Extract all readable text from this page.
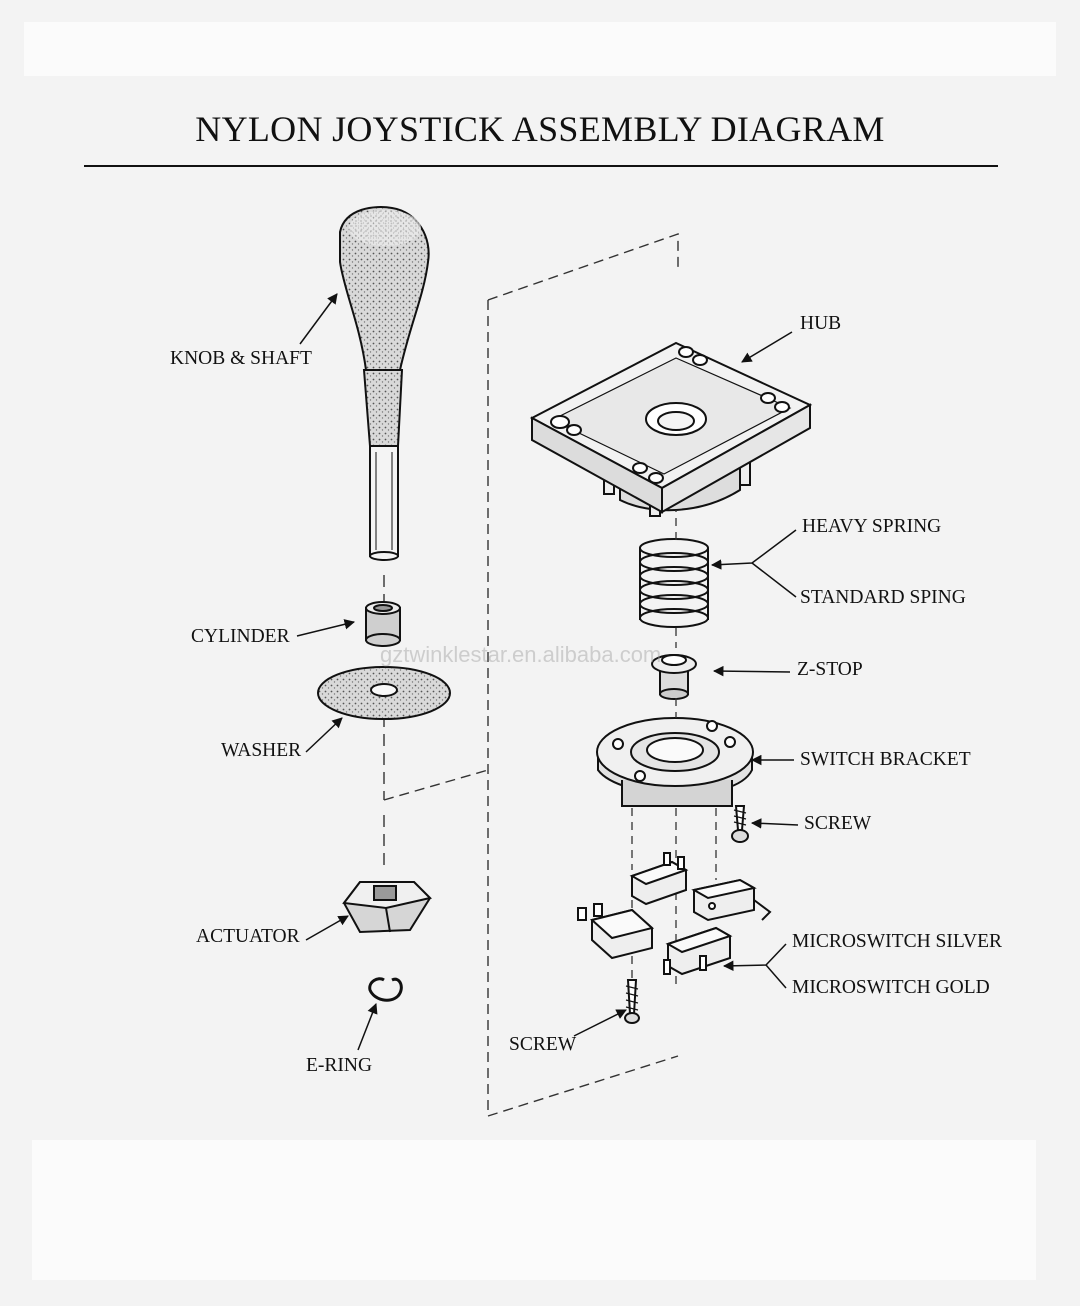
NYLON JOYSTICK ASSEMBLY DIAGRAM
gztwinklestar.en.alibaba.com
KNOB & SHAFT
CYLINDER
WASHER
ACTUATOR
E-RING
HUB
HEAVY SPRING
STANDARD SPING
Z-STOP
SWITCH BRACKET
SCREW
MICROSWITCH SILVER
MICROSWITCH GOLD
SCREW
